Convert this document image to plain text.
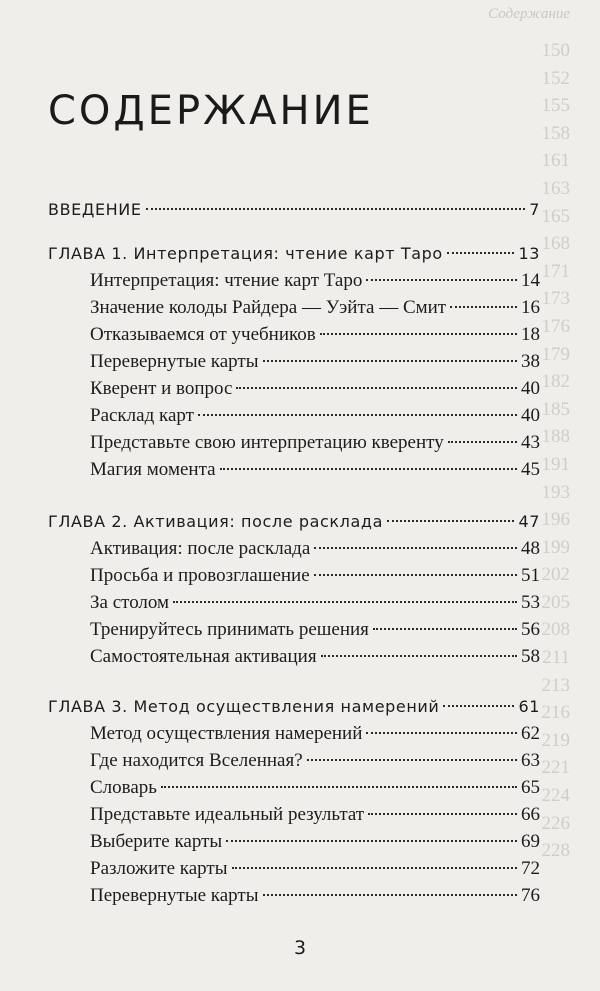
Содержание
150
152
155
158
161
163
165
168
171
173
176
179
182
185
188
191
193
196
199
202
205
208
211
213
216
219
221
224
226
228
СОДЕРЖАНИЕ
ВВЕДЕНИЕ	7
ГЛАВА 1. Интерпретация: чтение карт Таро	13
Интерпретация: чтение карт Таро	14
Значение колоды Райдера — Уэйта — Смит	16
Отказываемся от учебников	18
Перевернутые карты	38
Кверент и вопрос	40
Расклад карт	40
Представьте свою интерпретацию кверенту	43
Магия момента	45
ГЛАВА 2. Активация: после расклада	47
Активация: после расклада	48
Просьба и провозглашение	51
За столом	53
Тренируйтесь принимать решения	56
Самостоятельная активация	58
ГЛАВА 3. Метод осуществления намерений	61
Метод осуществления намерений	62
Где находится Вселенная?	63
Словарь	65
Представьте идеальный результат	66
Выберите карты	69
Разложите карты	72
Перевернутые карты	76
3
